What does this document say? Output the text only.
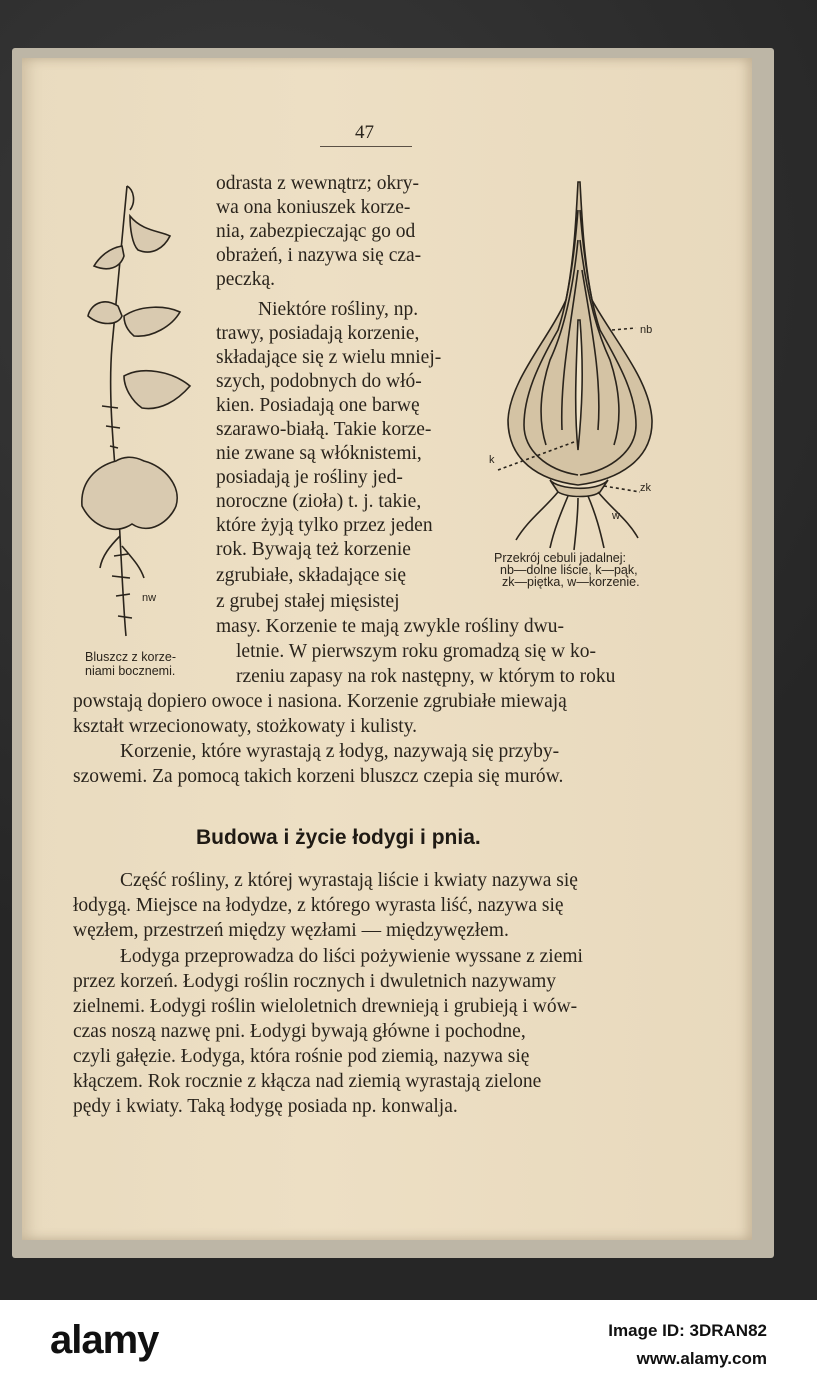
47
nw
Bluszcz z korze-
niami bocznemi.
nb
k
zk
w
Przekrój cebuli jadalnej:
nb—dolne liście, k—pąk,
zk—piętka, w—korzenie.
odrasta z wewnątrz; okry-
wa ona koniuszek korze-
nia, zabezpieczając go od
obrażeń, i nazywa się cza-
peczką.
Niektóre rośliny, np.
trawy, posiadają korzenie,
składające się z wielu mniej-
szych, podobnych do włó-
kien. Posiadają one barwę
szarawo-białą. Takie korze-
nie zwane są włóknistemi,
posiadają je rośliny jed-
noroczne (zioła) t. j. takie,
które żyją tylko przez jeden
rok. Bywają też korzenie
zgrubiałe, składające się
z grubej stałej mięsistej
masy. Korzenie te mają zwykle rośliny dwu-
letnie. W pierwszym roku gromadzą się w ko-
rzeniu zapasy na rok następny, w którym to roku
powstają dopiero owoce i nasiona. Korzenie zgrubiałe miewają
kształt wrzecionowaty, stożkowaty i kulisty.
Korzenie, które wyrastają z łodyg, nazywają się przyby-
szowemi. Za pomocą takich korzeni bluszcz czepia się murów.
Budowa i życie łodygi i pnia.
Część rośliny, z której wyrastają liście i kwiaty nazywa się
łodygą. Miejsce na łodydze, z którego wyrasta liść, nazywa się
węzłem, przestrzeń między węzłami — międzywęzłem.
Łodyga przeprowadza do liści pożywienie wyssane z ziemi
przez korzeń. Łodygi roślin rocznych i dwuletnich nazywamy
zielnemi. Łodygi roślin wieloletnich drewnieją i grubieją i wów-
czas noszą nazwę pni. Łodygi bywają główne i pochodne,
czyli gałęzie. Łodyga, która rośnie pod ziemią, nazywa się
kłączem. Rok rocznie z kłącza nad ziemią wyrastają zielone
pędy i kwiaty. Taką łodygę posiada np. konwalja.
alamy	Image ID: 3DRAN82
www.alamy.com
